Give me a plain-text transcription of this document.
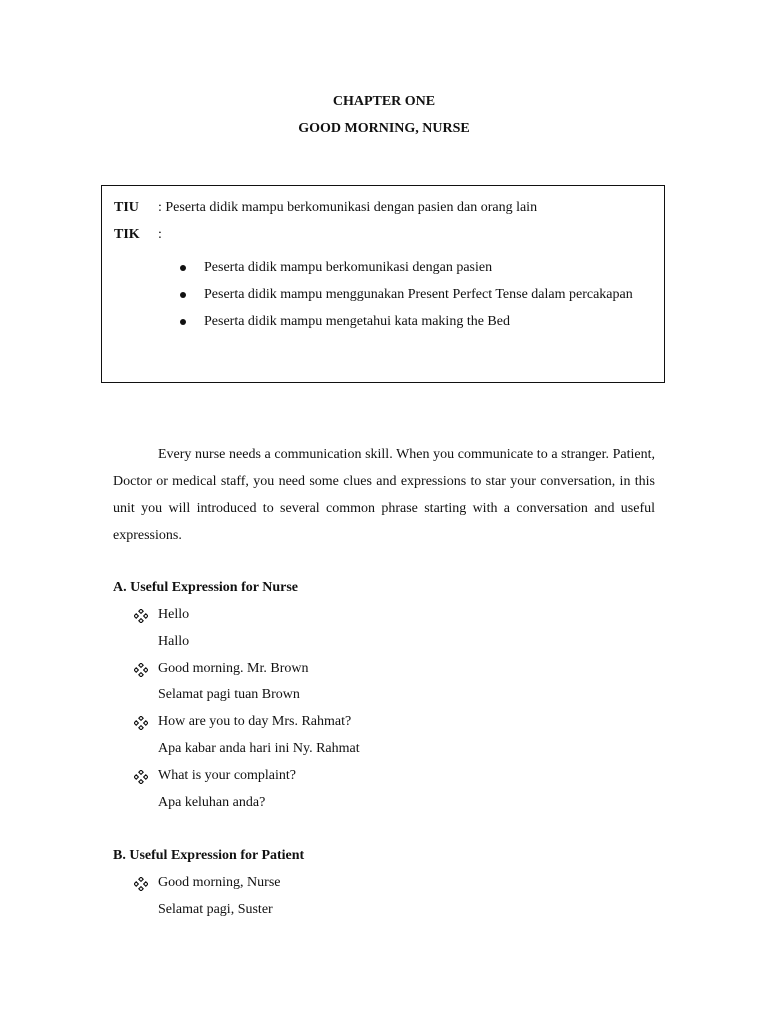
CHAPTER ONE
GOOD MORNING, NURSE
TIU	: Peserta didik mampu berkomunikasi dengan pasien dan orang lain
TIK	:
Peserta didik mampu berkomunikasi dengan pasien
Peserta didik mampu menggunakan Present Perfect Tense dalam percakapan
Peserta didik mampu mengetahui kata making the Bed
Every nurse needs a communication skill. When you communicate to a stranger. Patient, Doctor or medical staff, you need some clues and expressions to star your conversation, in this unit you will introduced to several common phrase starting with a conversation and useful expressions.
A. Useful Expression for Nurse
Hello
Hallo
Good morning. Mr. Brown
Selamat pagi tuan Brown
How are you to day Mrs. Rahmat?
Apa kabar anda hari ini Ny. Rahmat
What is your complaint?
Apa keluhan anda?
B. Useful Expression for Patient
Good morning, Nurse
Selamat pagi, Suster
